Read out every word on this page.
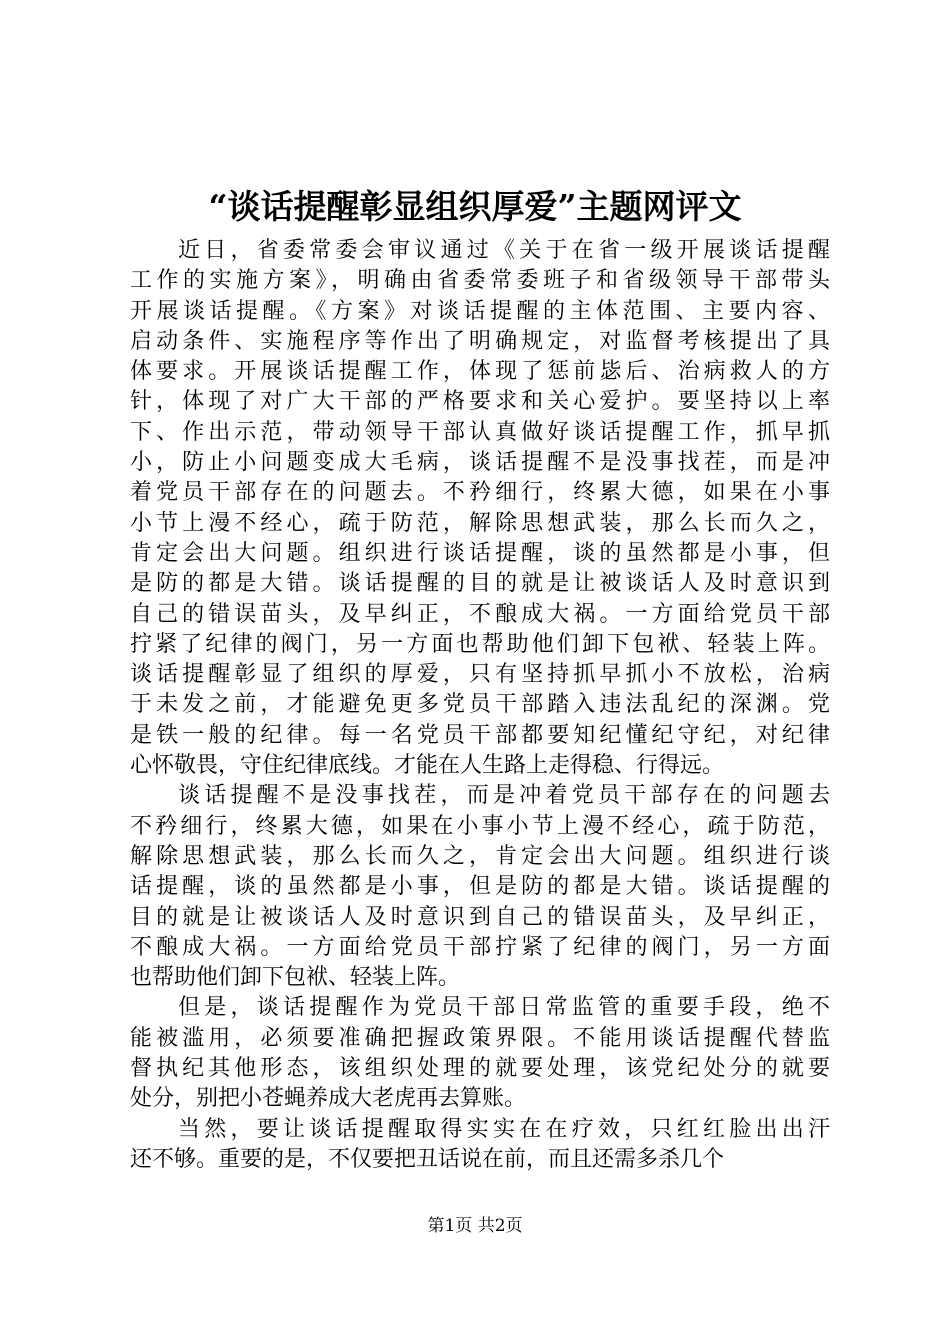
“谈话提醒彰显组织厚爱”主题网评文
近日，省委常委会审议通过《关于在省一级开展谈话提醒
工作的实施方案》，明确由省委常委班子和省级领导干部带头
开展谈话提醒。《方案》对谈话提醒的主体范围、主要内容、
启动条件、实施程序等作出了明确规定，对监督考核提出了具
体要求。开展谈话提醒工作，体现了惩前毖后、治病救人的方
针，体现了对广大干部的严格要求和关心爱护。要坚持以上率
下、作出示范，带动领导干部认真做好谈话提醒工作，抓早抓
小，防止小问题变成大毛病，谈话提醒不是没事找茬，而是冲
着党员干部存在的问题去。不矜细行，终累大德，如果在小事
小节上漫不经心，疏于防范，解除思想武装，那么长而久之，
肯定会出大问题。组织进行谈话提醒，谈的虽然都是小事，但
是防的都是大错。谈话提醒的目的就是让被谈话人及时意识到
自己的错误苗头，及早纠正，不酿成大祸。一方面给党员干部
拧紧了纪律的阀门，另一方面也帮助他们卸下包袱、轻装上阵。
谈话提醒彰显了组织的厚爱，只有坚持抓早抓小不放松，治病
于未发之前，才能避免更多党员干部踏入违法乱纪的深渊。党
是铁一般的纪律。每一名党员干部都要知纪懂纪守纪，对纪律
心怀敬畏，守住纪律底线。才能在人生路上走得稳、行得远。
谈话提醒不是没事找茬，而是冲着党员干部存在的问题去
不矜细行，终累大德，如果在小事小节上漫不经心，疏于防范，
解除思想武装，那么长而久之，肯定会出大问题。组织进行谈
话提醒，谈的虽然都是小事，但是防的都是大错。谈话提醒的
目的就是让被谈话人及时意识到自己的错误苗头，及早纠正，
不酿成大祸。一方面给党员干部拧紧了纪律的阀门，另一方面
也帮助他们卸下包袱、轻装上阵。
但是，谈话提醒作为党员干部日常监管的重要手段，绝不
能被滥用，必须要准确把握政策界限。不能用谈话提醒代替监
督执纪其他形态，该组织处理的就要处理，该党纪处分的就要
处分，别把小苍蝇养成大老虎再去算账。
当然，要让谈话提醒取得实实在在疗效，只红红脸出出汗
还不够。重要的是，不仅要把丑话说在前，而且还需多杀几个
第1页 共2页
